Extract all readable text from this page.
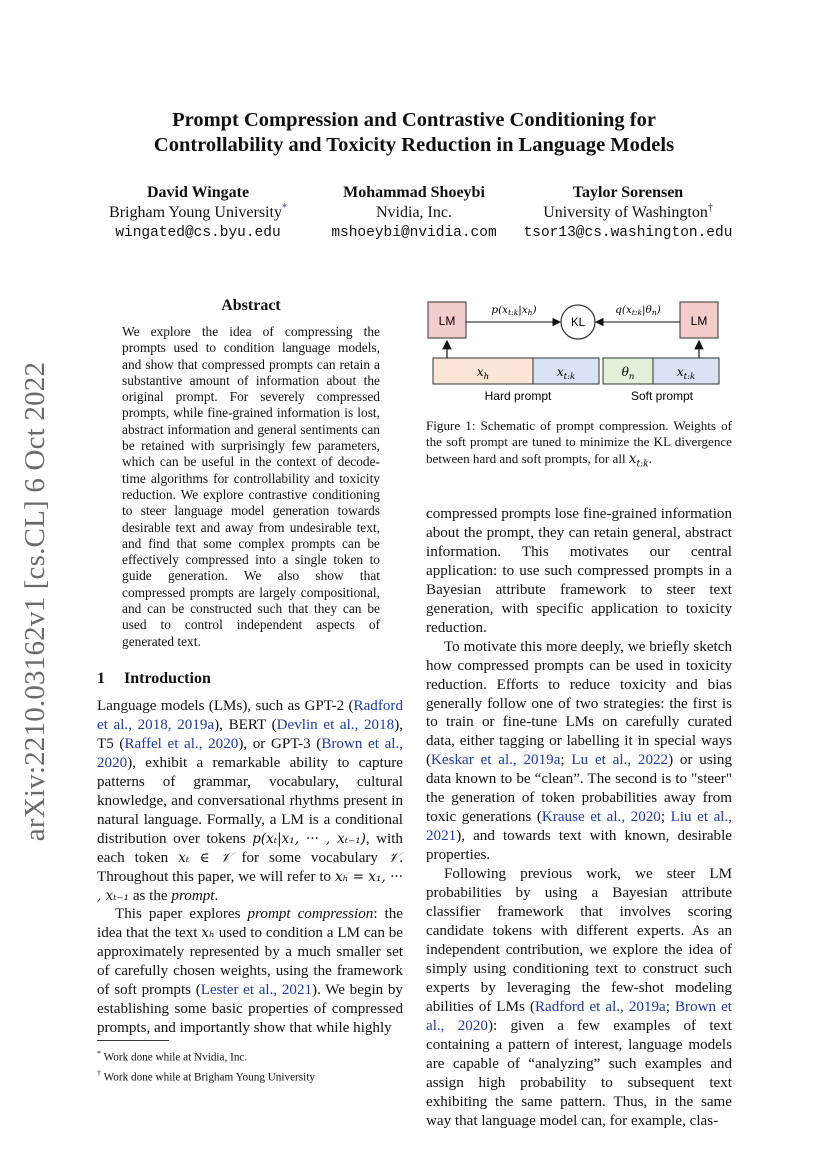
arXiv:2210.03162v1 [cs.CL] 6 Oct 2022
Prompt Compression and Contrastive Conditioning for
Controllability and Toxicity Reduction in Language Models
David Wingate
Brigham Young University*
wingated@cs.byu.edu
Mohammad Shoeybi
Nvidia, Inc.
mshoeybi@nvidia.com
Taylor Sorensen
University of Washington†
tsor13@cs.washington.edu
Abstract
We explore the idea of compressing the prompts used to condition language models, and show that compressed prompts can retain a substantive amount of information about the original prompt. For severely compressed prompts, while fine-grained information is lost, abstract information and general sentiments can be retained with surprisingly few parameters, which can be useful in the context of decode-time algorithms for controllability and toxicity reduction. We explore contrastive conditioning to steer language model generation towards desirable text and away from undesirable text, and find that some complex prompts can be effectively compressed into a single token to guide generation. We also show that compressed prompts are largely compositional, and can be constructed such that they can be used to control independent aspects of generated text.
1 Introduction

Language models (LMs), such as GPT-2 (Radford et al., 2018, 2019a), BERT (Devlin et al., 2018), T5 (Raffel et al., 2020), or GPT-3 (Brown et al., 2020), exhibit a remarkable ability to capture patterns of grammar, vocabulary, cultural knowledge, and conversational rhythms present in natural language. Formally, a LM is a conditional distribution over tokens p(xₜ|x₁, ··· , xₜ₋₁), with each token xₜ ∈ 𝒱 for some vocabulary 𝒱. Throughout this paper, we will refer to xₕ = x₁, ··· , xₜ₋₁ as the prompt.

This paper explores prompt compression: the idea that the text xₕ used to condition a LM can be approximately represented by a much smaller set of carefully chosen weights, using the framework of soft prompts (Lester et al., 2021). We begin by establishing some basic properties of compressed prompts, and importantly show that while highly

* Work done while at Nvidia, Inc.
† Work done while at Brigham Young University
LM	LM
KL
p(xt:k|xh)	q(xt:k|θn)
$x_h$	$x_{t:k}$	$\theta_n$	$x_{t:k}$
Hard prompt	Soft prompt
Figure 1: Schematic of prompt compression. Weights of the soft prompt are tuned to minimize the KL divergence between hard and soft prompts, for all $x_{t:k}$.

compressed prompts lose fine-grained information about the prompt, they can retain general, abstract information. This motivates our central application: to use such compressed prompts in a Bayesian attribute framework to steer text generation, with specific application to toxicity reduction.

To motivate this more deeply, we briefly sketch how compressed prompts can be used in toxicity reduction. Efforts to reduce toxicity and bias generally follow one of two strategies: the first is to train or fine-tune LMs on carefully curated data, either tagging or labelling it in special ways (Keskar et al., 2019a; Lu et al., 2022) or using data known to be “clean”. The second is to "steer" the generation of token probabilities away from toxic generations (Krause et al., 2020; Liu et al., 2021), and towards text with known, desirable properties.

Following previous work, we steer LM probabilities by using a Bayesian attribute classifier framework that involves scoring candidate tokens with different experts. As an independent contribution, we explore the idea of simply using conditioning text to construct such experts by leveraging the few-shot modeling abilities of LMs (Radford et al., 2019a; Brown et al., 2020): given a few examples of text containing a pattern of interest, language models are capable of “analyzing” such examples and assign high probability to subsequent text exhibiting the same pattern. Thus, in the same way that language model can, for example, clas-
